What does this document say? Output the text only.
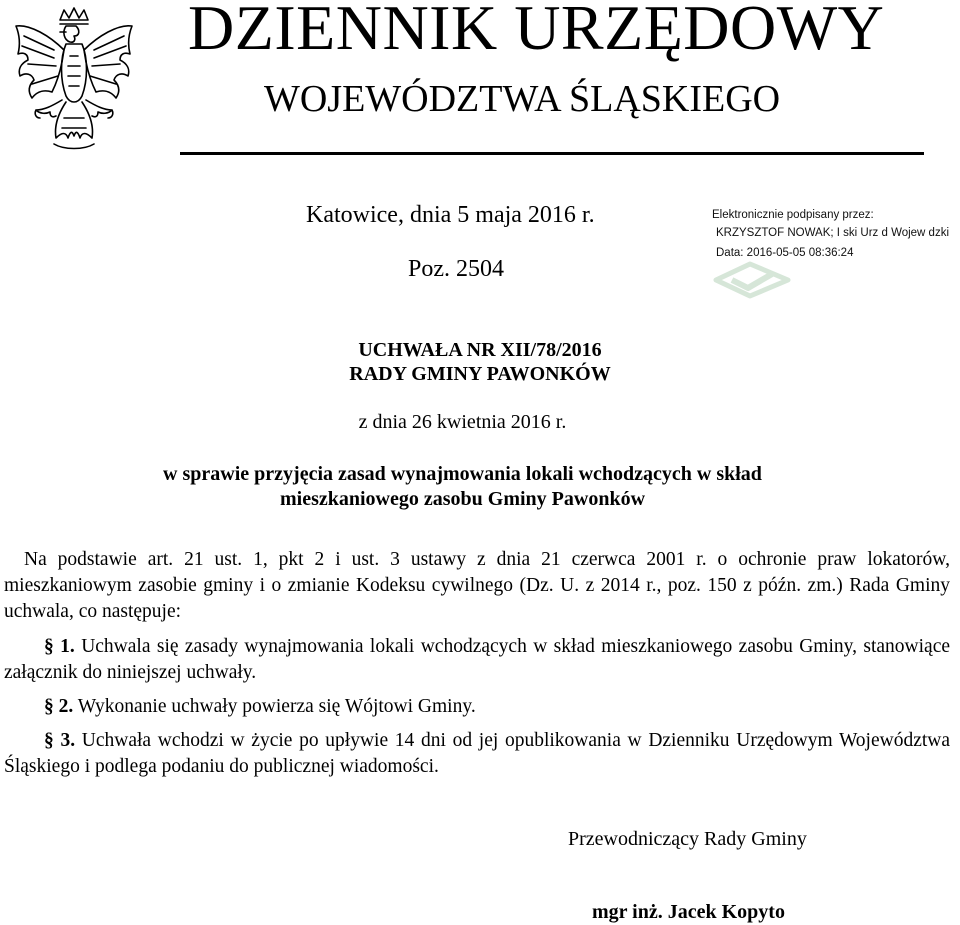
DZIENNIK URZĘDOWY
WOJEWÓDZTWA ŚLĄSKIEGO
Katowice, dnia 5 maja 2016 r.
Poz. 2504
Elektronicznie podpisany przez:
KRZYSZTOF NOWAK; I ski Urz d Wojew dzki
Data: 2016-05-05 08:36:24
UCHWAŁA NR XII/78/2016
RADY GMINY PAWONKÓW
z dnia 26 kwietnia 2016 r.
w sprawie przyjęcia zasad wynajmowania lokali wchodzących w skład mieszkaniowego zasobu Gminy Pawonków
Na podstawie art. 21 ust. 1, pkt 2 i ust. 3 ustawy z dnia 21 czerwca 2001 r. o ochronie praw lokatorów, mieszkaniowym zasobie gminy i o zmianie Kodeksu cywilnego (Dz. U. z 2014 r., poz. 150 z późn. zm.) Rada Gminy uchwala, co następuje:
§ 1. Uchwala się zasady wynajmowania lokali wchodzących w skład mieszkaniowego zasobu Gminy, stanowiące załącznik do niniejszej uchwały.
§ 2. Wykonanie uchwały powierza się Wójtowi Gminy.
§ 3. Uchwała wchodzi w życie po upływie 14 dni od jej opublikowania w Dzienniku Urzędowym Województwa Śląskiego i podlega podaniu do publicznej wiadomości.
Przewodniczący Rady Gminy
mgr inż. Jacek Kopyto
